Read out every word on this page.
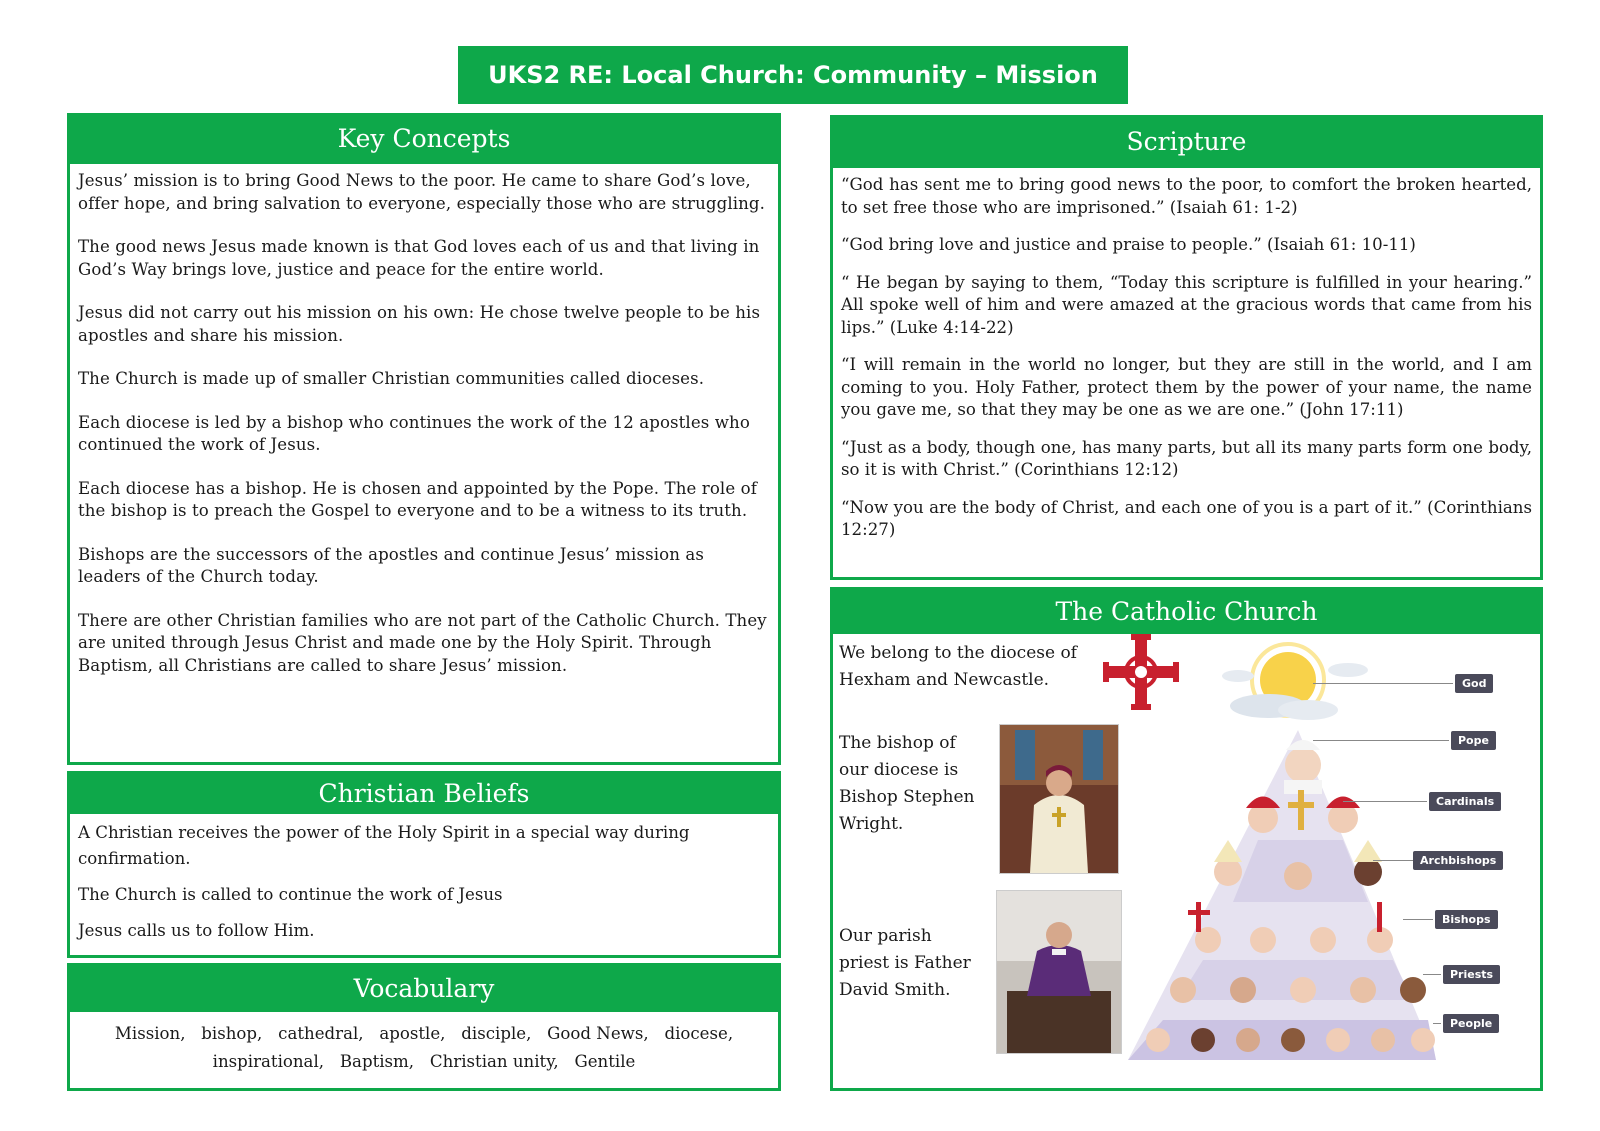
UKS2 RE: Local Church: Community – Mission
Key Concepts

Jesus’ mission is to bring Good News to the poor. He came to share God’s love, offer hope, and bring salvation to everyone, especially those who are struggling.

The good news Jesus made known is that God loves each of us and that living in God’s Way brings love, justice and peace for the entire world.

Jesus did not carry out his mission on his own: He chose twelve people to be his apostles and share his mission.

The Church is made up of smaller Christian communities called dioceses.

Each diocese is led by a bishop who continues the work of the 12 apostles who continued the work of Jesus.

Each diocese has a bishop. He is chosen and appointed by the Pope. The role of the bishop is to preach the Gospel to everyone and to be a witness to its truth.

Bishops are the successors of the apostles and continue Jesus’ mission as leaders of the Church today.

There are other Christian families who are not part of the Catholic Church. They are united through Jesus Christ and made one by the Holy Spirit. Through Baptism, all Christians are called to share Jesus’ mission.

Christian Beliefs

A Christian receives the power of the Holy Spirit in a special way during confirmation.

The Church is called to continue the work of Jesus

Jesus calls us to follow Him.

Vocabulary
Mission,   bishop,   cathedral,   apostle,   disciple,   Good News,   diocese,   inspirational,   Baptism,   Christian unity,   Gentile
Scripture

“God has sent me to bring good news to the poor, to comfort the broken hearted, to set free those who are imprisoned.” (Isaiah 61: 1-2)

“God bring love and justice and praise to people.” (Isaiah 61: 10-11)

“ He began by saying to them, “Today this scripture is fulfilled in your hearing.” All spoke well of him and were amazed at the gracious words that came from his lips.” (Luke 4:14-22)

“I will remain in the world no longer, but they are still in the world, and I am coming to you. Holy Father, protect them by the power of your name, the name you gave me, so that they may be one as we are one.” (John 17:11)

“Just as a body, though one, has many parts, but all its many parts form one body, so it is with Christ.” (Corinthians 12:12)

“Now you are the body of Christ, and each one of you is a part of it.” (Corinthians 12:27)

The Catholic Church
We belong to the diocese of Hexham and Newcastle.
The bishop of our diocese is Bishop Stephen Wright.
Our parish priest is Father David Smith.
God
Pope
Cardinals
Archbishops
Bishops
Priests
People
